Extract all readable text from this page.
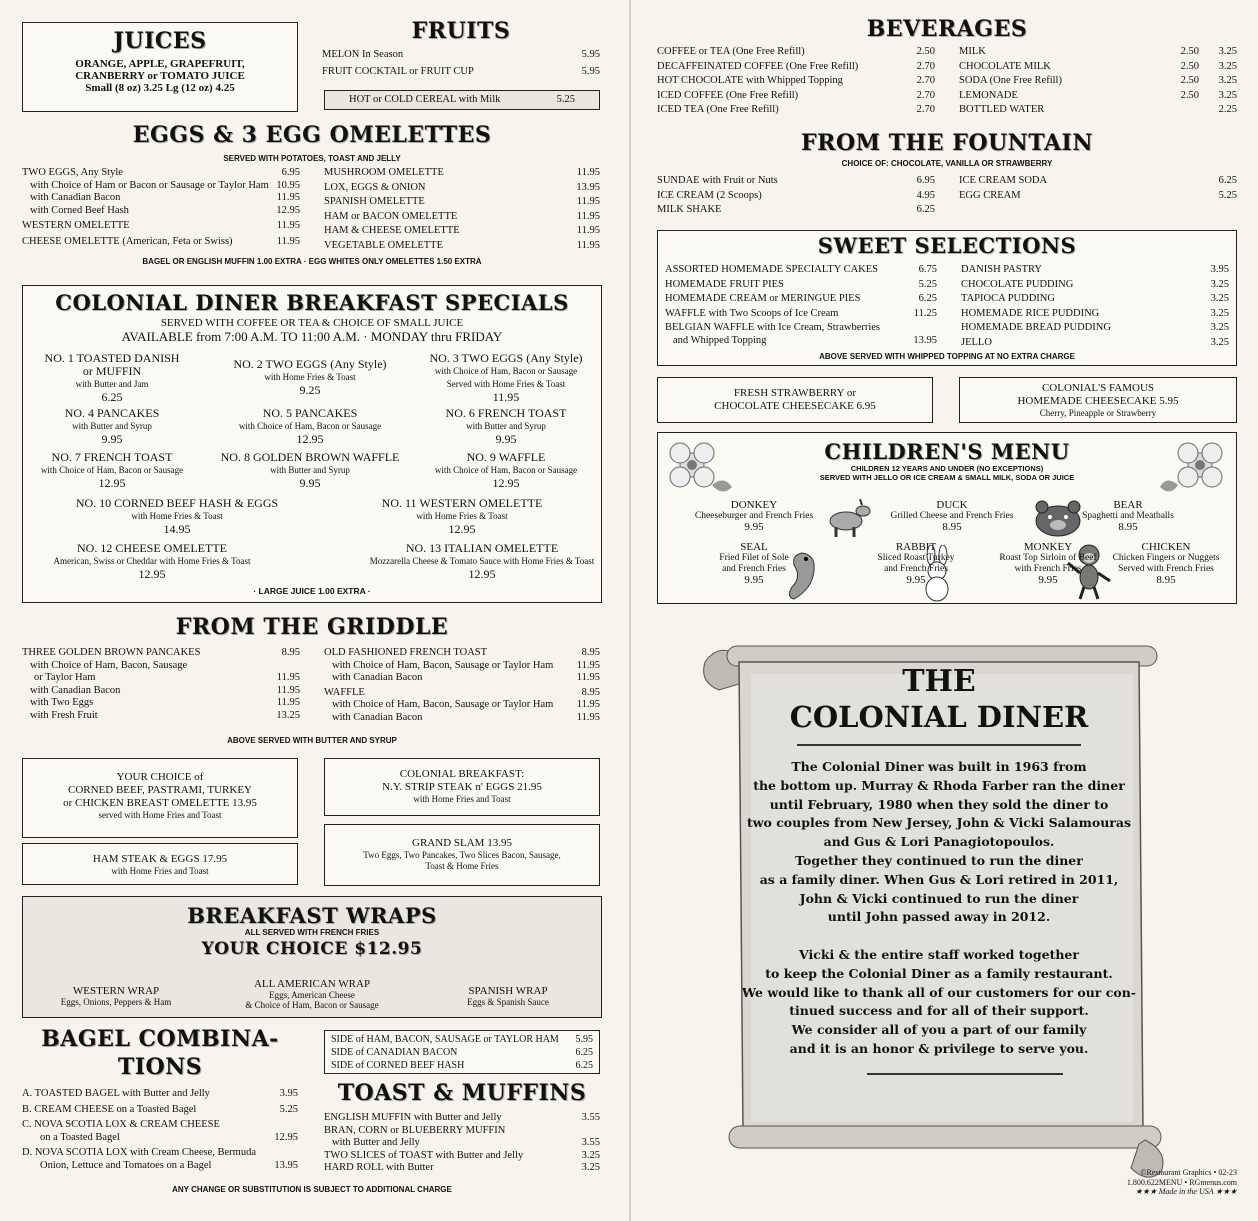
JUICES
ORANGE, APPLE, GRAPEFRUIT,
CRANBERRY or TOMATO JUICE
Small (8 oz) 3.25 Lg (12 oz) 4.25
FRUITS
MELON In Season	5.95
FRUIT COCKTAIL or FRUIT CUP	5.95
HOT or COLD CEREAL with Milk	5.25
EGGS & 3 EGG OMELETTES
SERVED WITH POTATOES, TOAST AND JELLY
TWO EGGS, Any Style	6.95
with Choice of Ham or Bacon or Sausage or Taylor Ham 10.95
with Canadian Bacon	11.95
with Corned Beef Hash	12.95
WESTERN OMELETTE	11.95
CHEESE OMELETTE (American, Feta or Swiss)	11.95
MUSHROOM OMELETTE	11.95
LOX, EGGS & ONION	13.95
SPANISH OMELETTE	11.95
HAM or BACON OMELETTE	11.95
HAM & CHEESE OMELETTE	11.95
VEGETABLE OMELETTE	11.95
BAGEL OR ENGLISH MUFFIN 1.00 EXTRA · EGG WHITES ONLY OMELETTES 1.50 EXTRA
COLONIAL DINER BREAKFAST SPECIALS
SERVED WITH COFFEE OR TEA & CHOICE OF SMALL JUICE
AVAILABLE from 7:00 A.M. TO 11:00 A.M. · MONDAY thru FRIDAY
· LARGE JUICE 1.00 EXTRA ·
FROM THE GRIDDLE
THREE GOLDEN BROWN PANCAKES	8.95
with Choice of Ham, Bacon, Sausage
or Taylor Ham	11.95
with Canadian Bacon	11.95
with Two Eggs	11.95
with Fresh Fruit	13.25
OLD FASHIONED FRENCH TOAST	8.95
with Choice of Ham, Bacon, Sausage or Taylor Ham	11.95
with Canadian Bacon	11.95
WAFFLE	8.95
with Choice of Ham, Bacon, Sausage or Taylor Ham	11.95
with Canadian Bacon	11.95
ABOVE SERVED WITH BUTTER AND SYRUP
YOUR CHOICE of
CORNED BEEF, PASTRAMI, TURKEY
or CHICKEN BREAST OMELETTE 13.95
served with Home Fries and Toast
COLONIAL BREAKFAST:
N.Y. STRIP STEAK n' EGGS 21.95
with Home Fries and Toast
HAM STEAK & EGGS 17.95
with Home Fries and Toast
GRAND SLAM 13.95
Two Eggs, Two Pancakes, Two Slices Bacon, Sausage,
Toast & Home Fries
BREAKFAST WRAPS
ALL SERVED WITH FRENCH FRIES
YOUR CHOICE $12.95
WESTERN WRAP
Eggs, Onions, Peppers & Ham
ALL AMERICAN WRAP
Eggs, American Cheese
& Choice of Ham, Bacon or Sausage
SPANISH WRAP
Eggs & Spanish Sauce
BAGEL COMBINA-
TIONS
A. TOASTED BAGEL with Butter and Jelly	3.95
B. CREAM CHEESE on a Toasted Bagel	5.25
C. NOVA SCOTIA LOX & CREAM CHEESE
on a Toasted Bagel	12.95
D. NOVA SCOTIA LOX with Cream Cheese, Bermuda
Onion, Lettuce and Tomatoes on a Bagel	13.95
SIDE of HAM, BACON, SAUSAGE or TAYLOR HAM	5.95
SIDE of CANADIAN BACON	6.25
SIDE of CORNED BEEF HASH	6.25
TOAST & MUFFINS
ENGLISH MUFFIN with Butter and Jelly	3.55
BRAN, CORN or BLUEBERRY MUFFIN
with Butter and Jelly	3.55
TWO SLICES of TOAST with Butter and Jelly	3.25
HARD ROLL with Butter	3.25
ANY CHANGE OR SUBSTITUTION IS SUBJECT TO ADDITIONAL CHARGE
NO. 1 TOASTED DANISH
or MUFFIN
with Butter and Jam
6.25
NO. 2 TWO EGGS (Any Style)
with Home Fries & Toast
9.25
NO. 3 TWO EGGS (Any Style)
with Choice of Ham, Bacon or Sausage
Served with Home Fries & Toast
11.95
NO. 4 PANCAKES
with Butter and Syrup
9.95
NO. 5 PANCAKES
with Choice of Ham, Bacon or Sausage
12.95
NO. 6 FRENCH TOAST
with Butter and Syrup
9.95
NO. 7 FRENCH TOAST
with Choice of Ham, Bacon or Sausage
12.95
NO. 8 GOLDEN BROWN WAFFLE
with Butter and Syrup
9.95
NO. 9 WAFFLE
with Choice of Ham, Bacon or Sausage
12.95
NO. 10 CORNED BEEF HASH & EGGS
with Home Fries & Toast
14.95
NO. 11 WESTERN OMELETTE
with Home Fries & Toast
12.95
NO. 12 CHEESE OMELETTE
American, Swiss or Cheddar with Home Fries & Toast
12.95
NO. 13 ITALIAN OMELETTE
Mozzarella Cheese & Tomato Sauce with Home Fries & Toast
12.95
BEVERAGES
COFFEE or TEA (One Free Refill)	2.50
DECAFFEINATED COFFEE (One Free Refill)	2.70
HOT CHOCOLATE with Whipped Topping	2.70
ICED COFFEE (One Free Refill)	2.70
ICED TEA (One Free Refill)	2.70
MILK	2.50	3.25
CHOCOLATE MILK	2.50	3.25
SODA (One Free Refill)	2.50	3.25
LEMONADE	2.50	3.25
BOTTLED WATER	2.25
FROM THE FOUNTAIN
CHOICE OF: CHOCOLATE, VANILLA OR STRAWBERRY
SUNDAE with Fruit or Nuts	6.95
ICE CREAM (2 Scoops)	4.95
MILK SHAKE	6.25
ICE CREAM SODA	6.25
EGG CREAM	5.25
SWEET SELECTIONS
ASSORTED HOMEMADE SPECIALTY CAKES	6.75
HOMEMADE FRUIT PIES	5.25
HOMEMADE CREAM or MERINGUE PIES	6.25
WAFFLE with Two Scoops of Ice Cream	11.25
BELGIAN WAFFLE with Ice Cream, Strawberries
and Whipped Topping	13.95
DANISH PASTRY	3.95
CHOCOLATE PUDDING	3.25
TAPIOCA PUDDING	3.25
HOMEMADE RICE PUDDING	3.25
HOMEMADE BREAD PUDDING	3.25
JELLO	3.25
ABOVE SERVED WITH WHIPPED TOPPING AT NO EXTRA CHARGE
FRESH STRAWBERRY or
CHOCOLATE CHEESECAKE 6.95
COLONIAL'S FAMOUS
HOMEMADE CHEESECAKE 5.95
Cherry, Pineapple or Strawberry
CHILDREN'S MENU
CHILDREN 12 YEARS AND UNDER (NO EXCEPTIONS)
SERVED WITH JELLO OR ICE CREAM & SMALL MILK, SODA OR JUICE
THE
COLONIAL DINER
The Colonial Diner was built in 1963 from
the bottom up. Murray & Rhoda Farber ran the diner
until February, 1980 when they sold the diner to
two couples from New Jersey, John & Vicki Salamouras
and Gus & Lori Panagiotopoulos.
Together they continued to run the diner
as a family diner. When Gus & Lori retired in 2011,
John & Vicki continued to run the diner
until John passed away in 2012.

Vicki & the entire staff worked together
to keep the Colonial Diner as a family restaurant.
We would like to thank all of our customers for our con-
tinued success and for all of their support.
We consider all of you a part of our family
and it is an honor & privilege to serve you.
©Restaurant Graphics • 02-23
1.800.622MENU • RGmenus.com
★★★ Made in the USA ★★★
DONKEY
Cheeseburger and French Fries
9.95
DUCK
Grilled Cheese and French Fries
8.95
BEAR
Spaghetti and Meatballs
8.95
SEAL
Fried Filet of Sole
and French Fries
9.95
RABBIT
Sliced Roast Turkey
and French Fries
9.95
MONKEY
Roast Top Sirloin of Beef
with French Fries
9.95
CHICKEN
Chicken Fingers or Nuggets
Served with French Fries
8.95
